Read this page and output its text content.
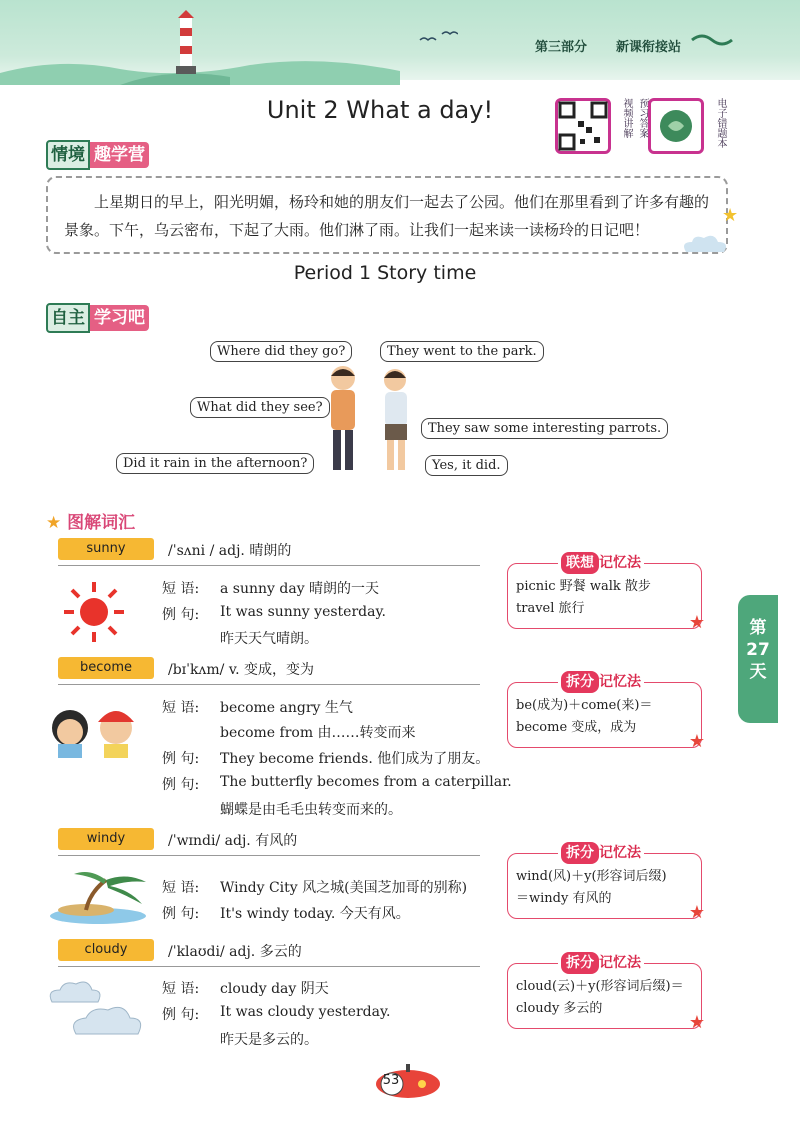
第三部分 新课衔接站
Unit 2 What a day!	视频讲解 预习答案	电子错题本
情境 趣学营
上星期日的早上，阳光明媚，杨玲和她的朋友们一起去了公园。他们在那里看到了许多有趣的景象。下午，乌云密布，下起了大雨。他们淋了雨。让我们一起来读一读杨玲的日记吧！
★
Period 1 Story time
自主 学习吧
Where did they go?	They went to the park.
What did they see?
They saw some interesting parrots.
Did it rain in the afternoon?	Yes, it did.
★ 图解词汇
sunny	/ˈsʌni / adj. 晴朗的
短 语: a sunny day 晴朗的一天
例 句: It was sunny yesterday.
昨天天气晴朗。
联想 记忆法
picnic 野餐 walk 散步
travel 旅行
★
become	/bɪˈkʌm/ v. 变成，变为
短 语: become angry 生气
become from 由……转变而来
例 句: They become friends. 他们成为了朋友。
例 句: The butterfly becomes from a caterpillar.
蝴蝶是由毛毛虫转变而来的。
拆分 记忆法
be(成为)＋come(来)＝
become 变成，成为
★
windy	/ˈwɪndi/ adj. 有风的
短 语: Windy City 风之城(美国芝加哥的别称)
例 句: It's windy today. 今天有风。
拆分 记忆法
wind(风)＋y(形容词后缀)
＝windy 有风的
★
cloudy	/ˈklaʊdi/ adj. 多云的
短 语: cloudy day 阴天
例 句: It was cloudy yesterday.
昨天是多云的。
拆分 记忆法
cloud(云)＋y(形容词后缀)＝
cloudy 多云的
★
第
27
天
53
